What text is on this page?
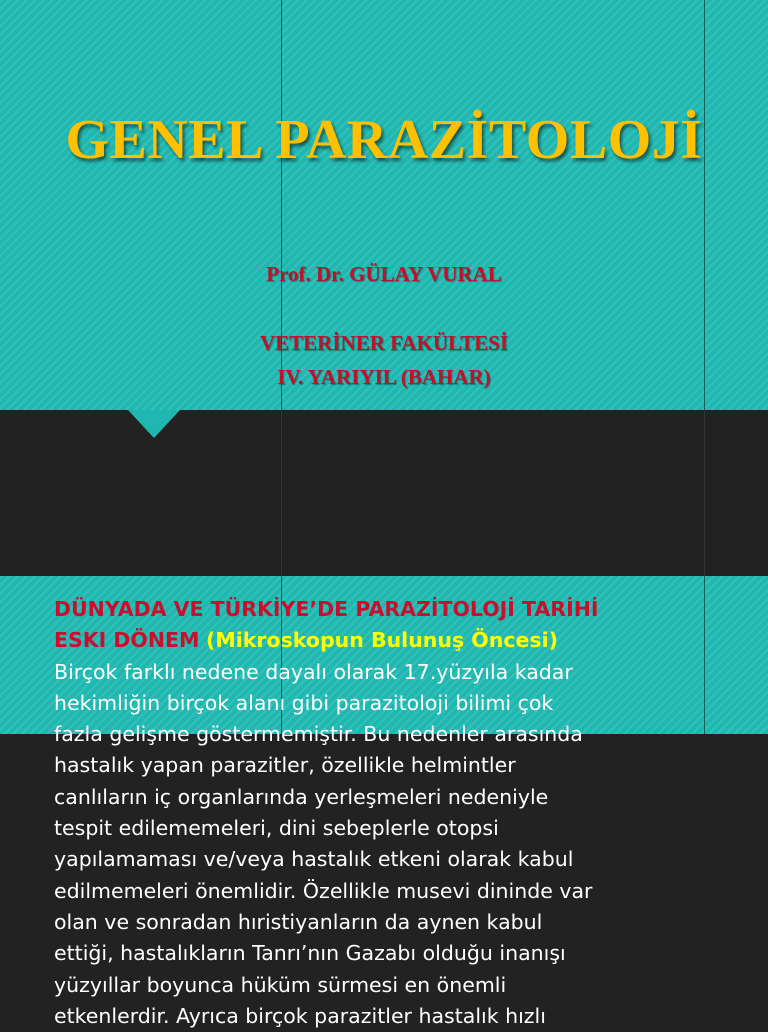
GENEL PARAZİTOLOJİ
Prof. Dr. GÜLAY VURAL
VETERİNER FAKÜLTESİ
IV. YARIYIL (BAHAR)
DÜNYADA VE TÜRKİYE’DE PARAZİTOLOJİ TARİHİ
ESKI DÖNEM (Mikroskopun Bulunuş Öncesi)
Birçok farklı nedene dayalı olarak 17.yüzyıla kadar
hekimliğin birçok alanı gibi parazitoloji bilimi çok
fazla gelişme göstermemiştir. Bu nedenler arasında
hastalık yapan parazitler, özellikle helmintler
canlıların iç organlarında yerleşmeleri nedeniyle
tespit edilememeleri, dini sebeplerle otopsi
yapılamaması ve/veya hastalık etkeni olarak kabul
edilmemeleri önemlidir. Özellikle musevi dininde var
olan ve sonradan hıristiyanların da aynen kabul
ettiği, hastalıkların Tanrı’nın Gazabı olduğu inanışı
yüzyıllar boyunca hüküm sürmesi en önemli
etkenlerdir. Ayrıca birçok parazitler hastalık hızlı
